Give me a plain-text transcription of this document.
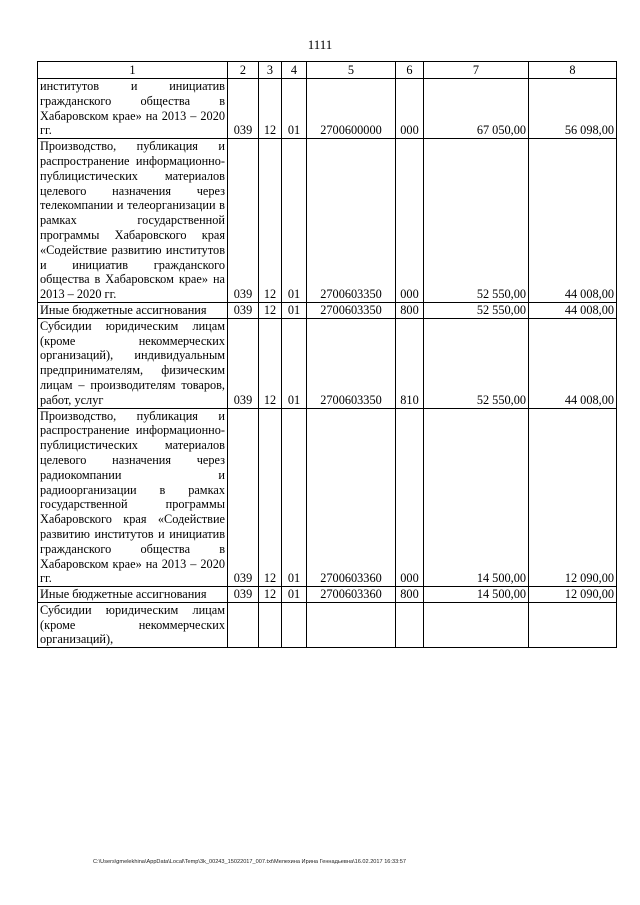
1111
1	2	3	4	5	6	7	8
институтов и инициатив гражданского общества в Хабаровском крае» на 2013 – 2020 гг.	039	12	01	2700600000	000	67 050,00	56 098,00
Производство, публикация и распространение информационно-публицистических материалов целевого назначения через телекомпании и телеорганизации в рамках государственной программы Хабаровского края «Содействие развитию институтов и инициатив гражданского общества в Хабаровском крае» на 2013 – 2020 гг.	039	12	01	2700603350	000	52 550,00	44 008,00
Иные бюджетные ассигнования	039	12	01	2700603350	800	52 550,00	44 008,00
Субсидии юридическим лицам (кроме некоммерческих организаций), индивидуальным предпринимателям, физическим лицам – производителям товаров, работ, услуг	039	12	01	2700603350	810	52 550,00	44 008,00
Производство, публикация и распространение информационно-публицистических материалов целевого назначения через радиокомпании и радиоорганизации в рамках государственной программы Хабаровского края «Содействие развитию институтов и инициатив гражданского общества в Хабаровском крае» на 2013 – 2020 гг.	039	12	01	2700603360	000	14 500,00	12 090,00
Иные бюджетные ассигнования	039	12	01	2700603360	800	14 500,00	12 090,00
Субсидии юридическим лицам (кроме некоммерческих организаций),							
C:\Users\gmelekhina\AppData\Local\Temp\3k_00243_15022017_007.txt\Мелехина Ирина Геннадьевна\16.02.2017 16:33:57
